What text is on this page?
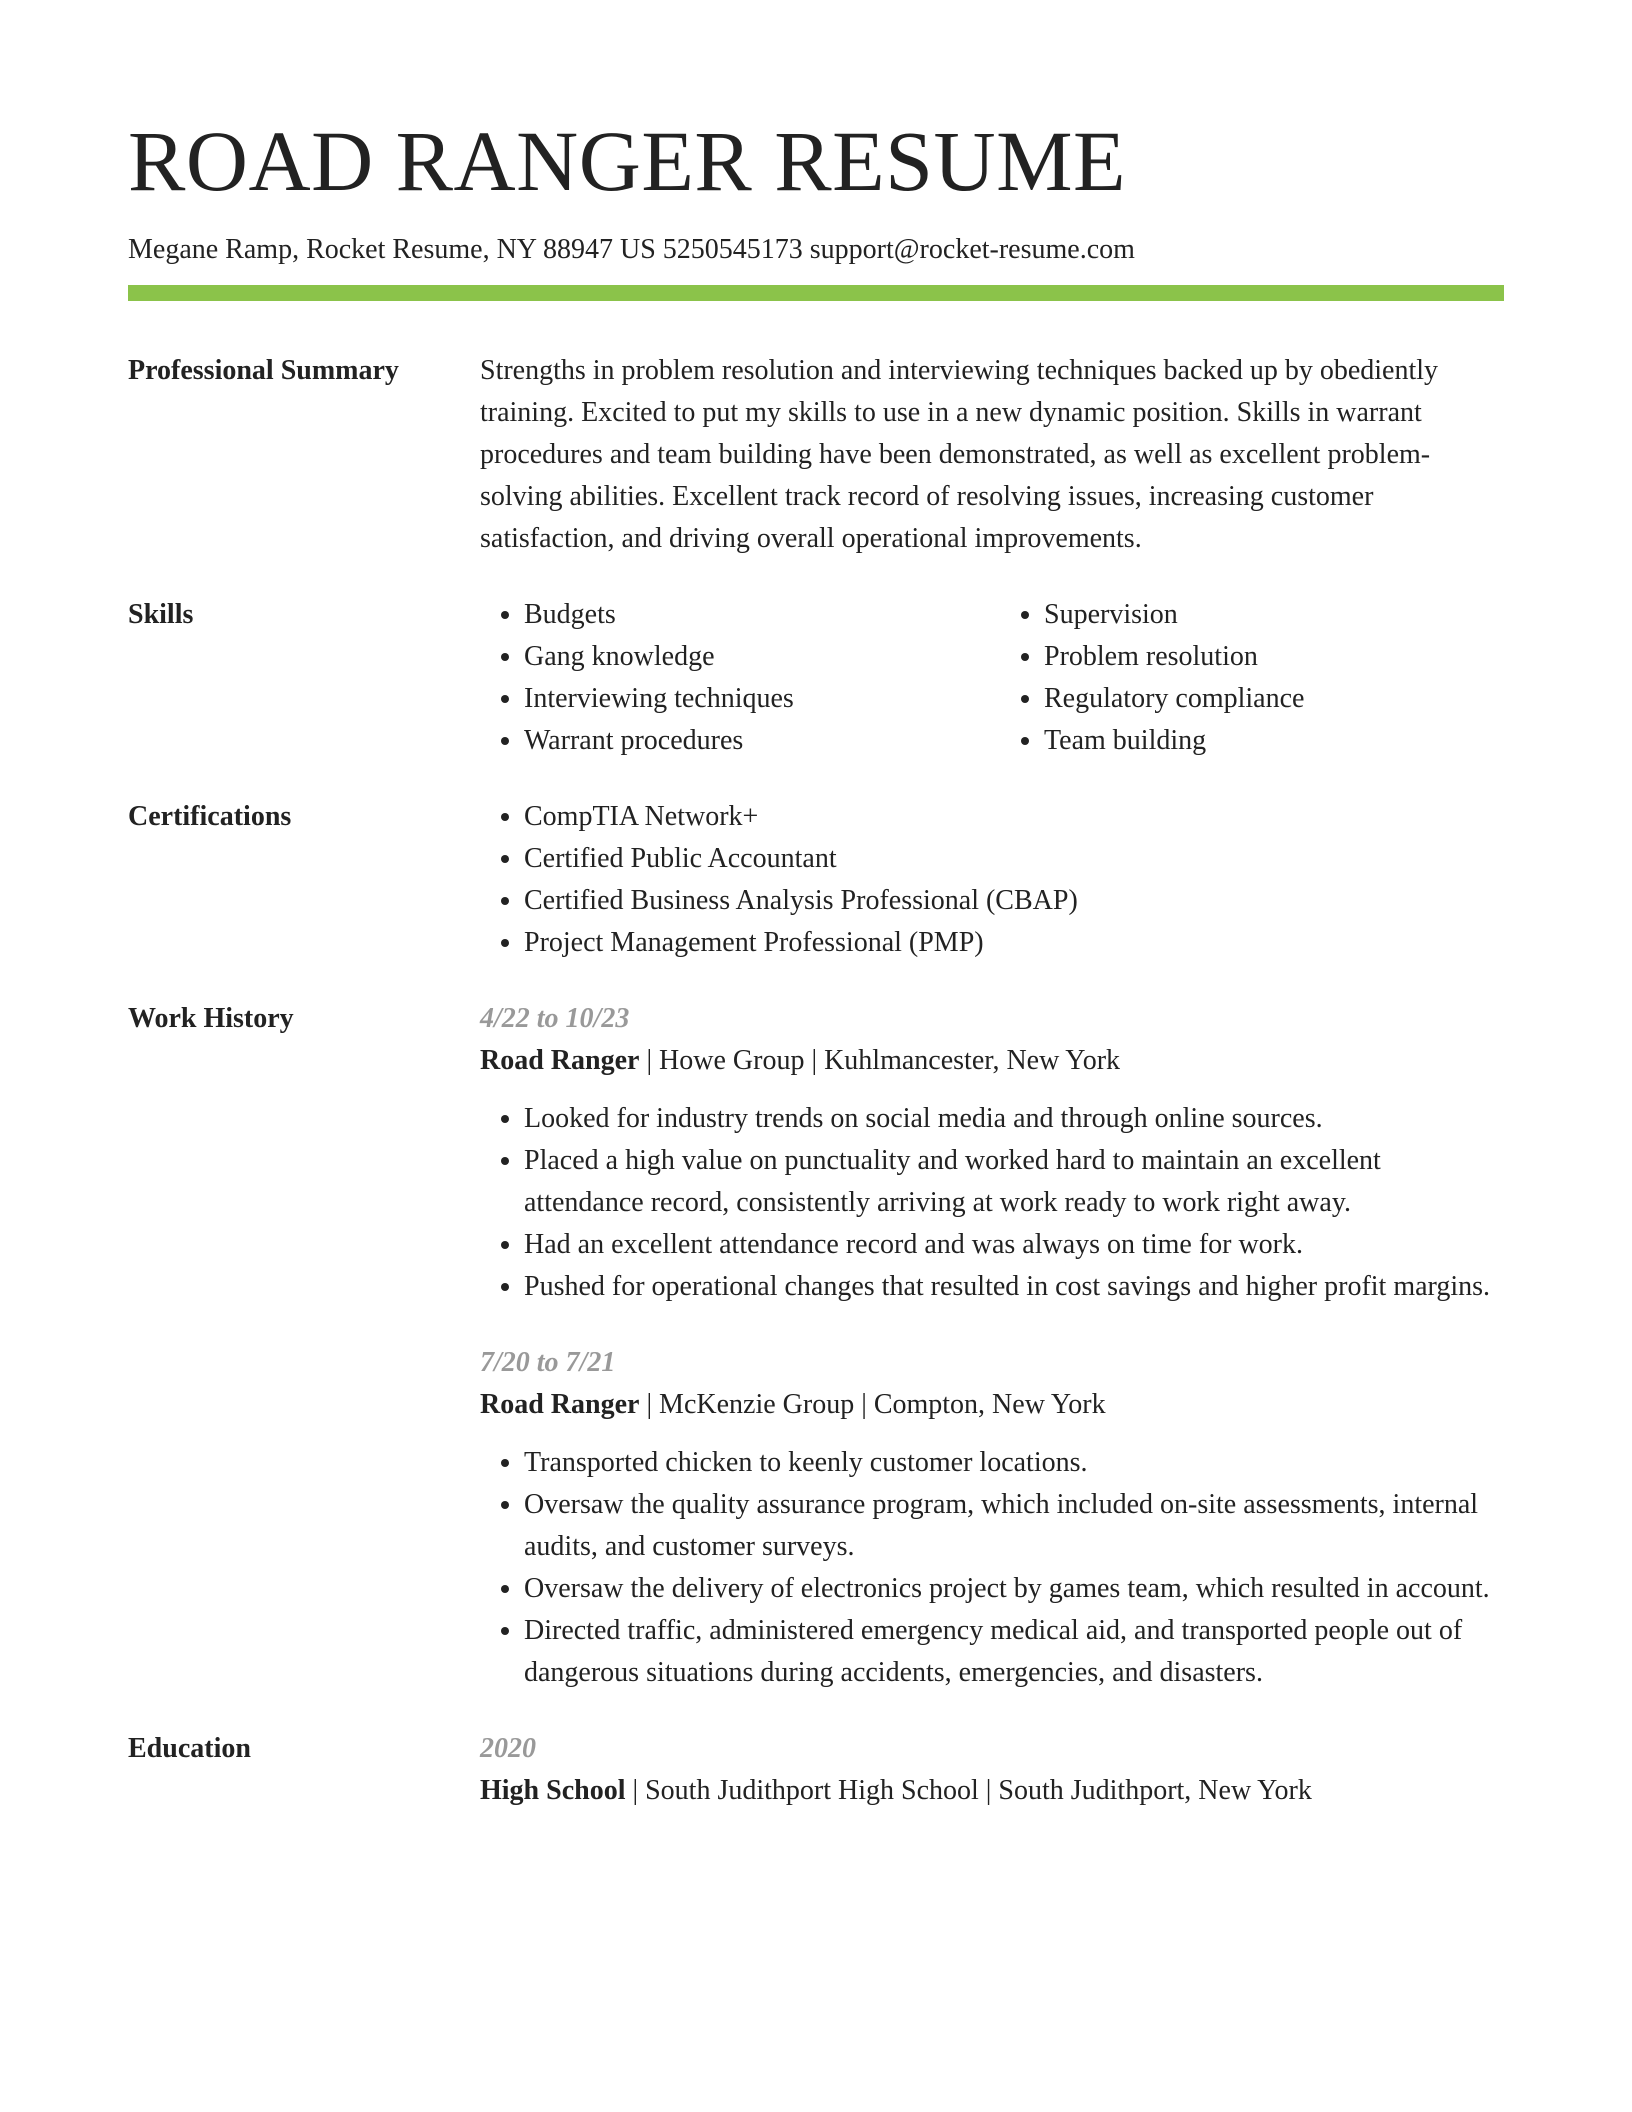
ROAD RANGER RESUME
Megane Ramp, Rocket Resume, NY 88947 US 5250545173 support@rocket-resume.com
Professional Summary	Strengths in problem resolution and interviewing techniques backed up by obediently training. Excited to put my skills to use in a new dynamic position. Skills in warrant procedures and team building have been demonstrated, as well as excellent problem-solving abilities. Excellent track record of resolving issues, increasing customer satisfaction, and driving overall operational improvements.

Skills	• Budgets
• Gang knowledge
• Interviewing techniques
• Warrant procedures
• Supervision
• Problem resolution
• Regulatory compliance
• Team building
Certifications	• CompTIA Network+
• Certified Public Accountant
• Certified Business Analysis Professional (CBAP)
• Project Management Professional (PMP)
Work History	4/22 to 10/23
Road Ranger | Howe Group | Kuhlmancester, New York
• Looked for industry trends on social media and through online sources.
• Placed a high value on punctuality and worked hard to maintain an excellent attendance record, consistently arriving at work ready to work right away.
• Had an excellent attendance record and was always on time for work.
• Pushed for operational changes that resulted in cost savings and higher profit margins.
7/20 to 7/21
Road Ranger | McKenzie Group | Compton, New York
• Transported chicken to keenly customer locations.
• Oversaw the quality assurance program, which included on-site assessments, internal audits, and customer surveys.
• Oversaw the delivery of electronics project by games team, which resulted in account.
• Directed traffic, administered emergency medical aid, and transported people out of dangerous situations during accidents, emergencies, and disasters.
Education	2020
High School | South Judithport High School | South Judithport, New York
